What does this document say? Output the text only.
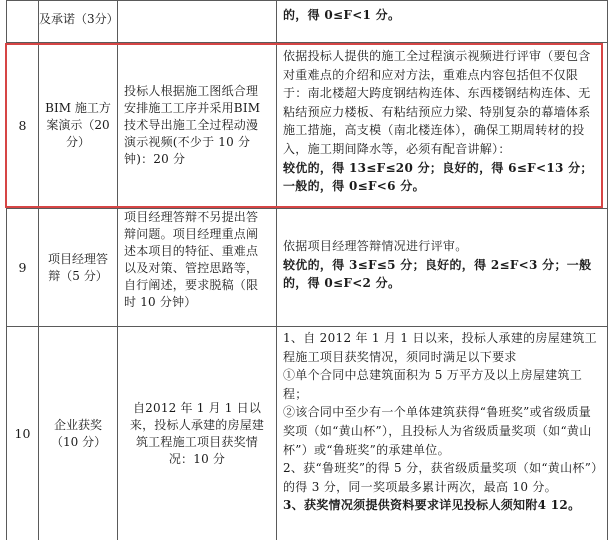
及承诺（3分）	的，得 0≤F<1 分。
8
BIM 施工方案演示（20 分）
投标人根据施工图纸合理安排施工工序并采用BIM 技术导出施工全过程动漫演示视频(不少于 10 分钟)：20 分
依据投标人提供的施工全过程演示视频进行评审（要包含对重难点的介绍和应对方法，重难点内容包括但不仅限于：南北楼超大跨度钢结构连体、东西楼钢结构连体、无粘结预应力楼板、有粘结预应力梁、特别复杂的幕墙体系施工措施，高支模（南北楼连体），确保工期周转材的投入，施工期间降水等，必须有配音讲解）：
较优的，得 13≤F≤20 分；良好的，得 6≤F<13 分；一般的，得 0≤F<6 分。
9
项目经理答辩（5 分）
项目经理答辩不另提出答辩问题。项目经理重点阐述本项目的特征、重难点以及对策、管控思路等，自行阐述，要求脱稿（限时 10 分钟）
依据项目经理答辩情况进行评审。
较优的，得 3≤F≤5 分；良好的，得 2≤F<3 分；一般的，得 0≤F<2 分。
10
企业获奖（10 分）
自2012 年 1 月 1 日以来，投标人承建的房屋建筑工程施工项目获奖情况：10 分
1、自 2012 年 1 月 1 日以来，投标人承建的房屋建筑工程施工项目获奖情况，须同时满足以下要求
①单个合同中总建筑面积为 5 万平方及以上房屋建筑工程；
②该合同中至少有一个单体建筑获得“鲁班奖”或省级质量奖项（如“黄山杯”），且投标人为省级质量奖项（如“黄山杯”）或“鲁班奖”的承建单位。
2、获“鲁班奖”的得 5 分，获省级质量奖项（如“黄山杯”）的得 3 分，同一奖项最多累计两次，最高 10 分。
3、获奖情况须提供资料要求详见投标人须知附4 12。
